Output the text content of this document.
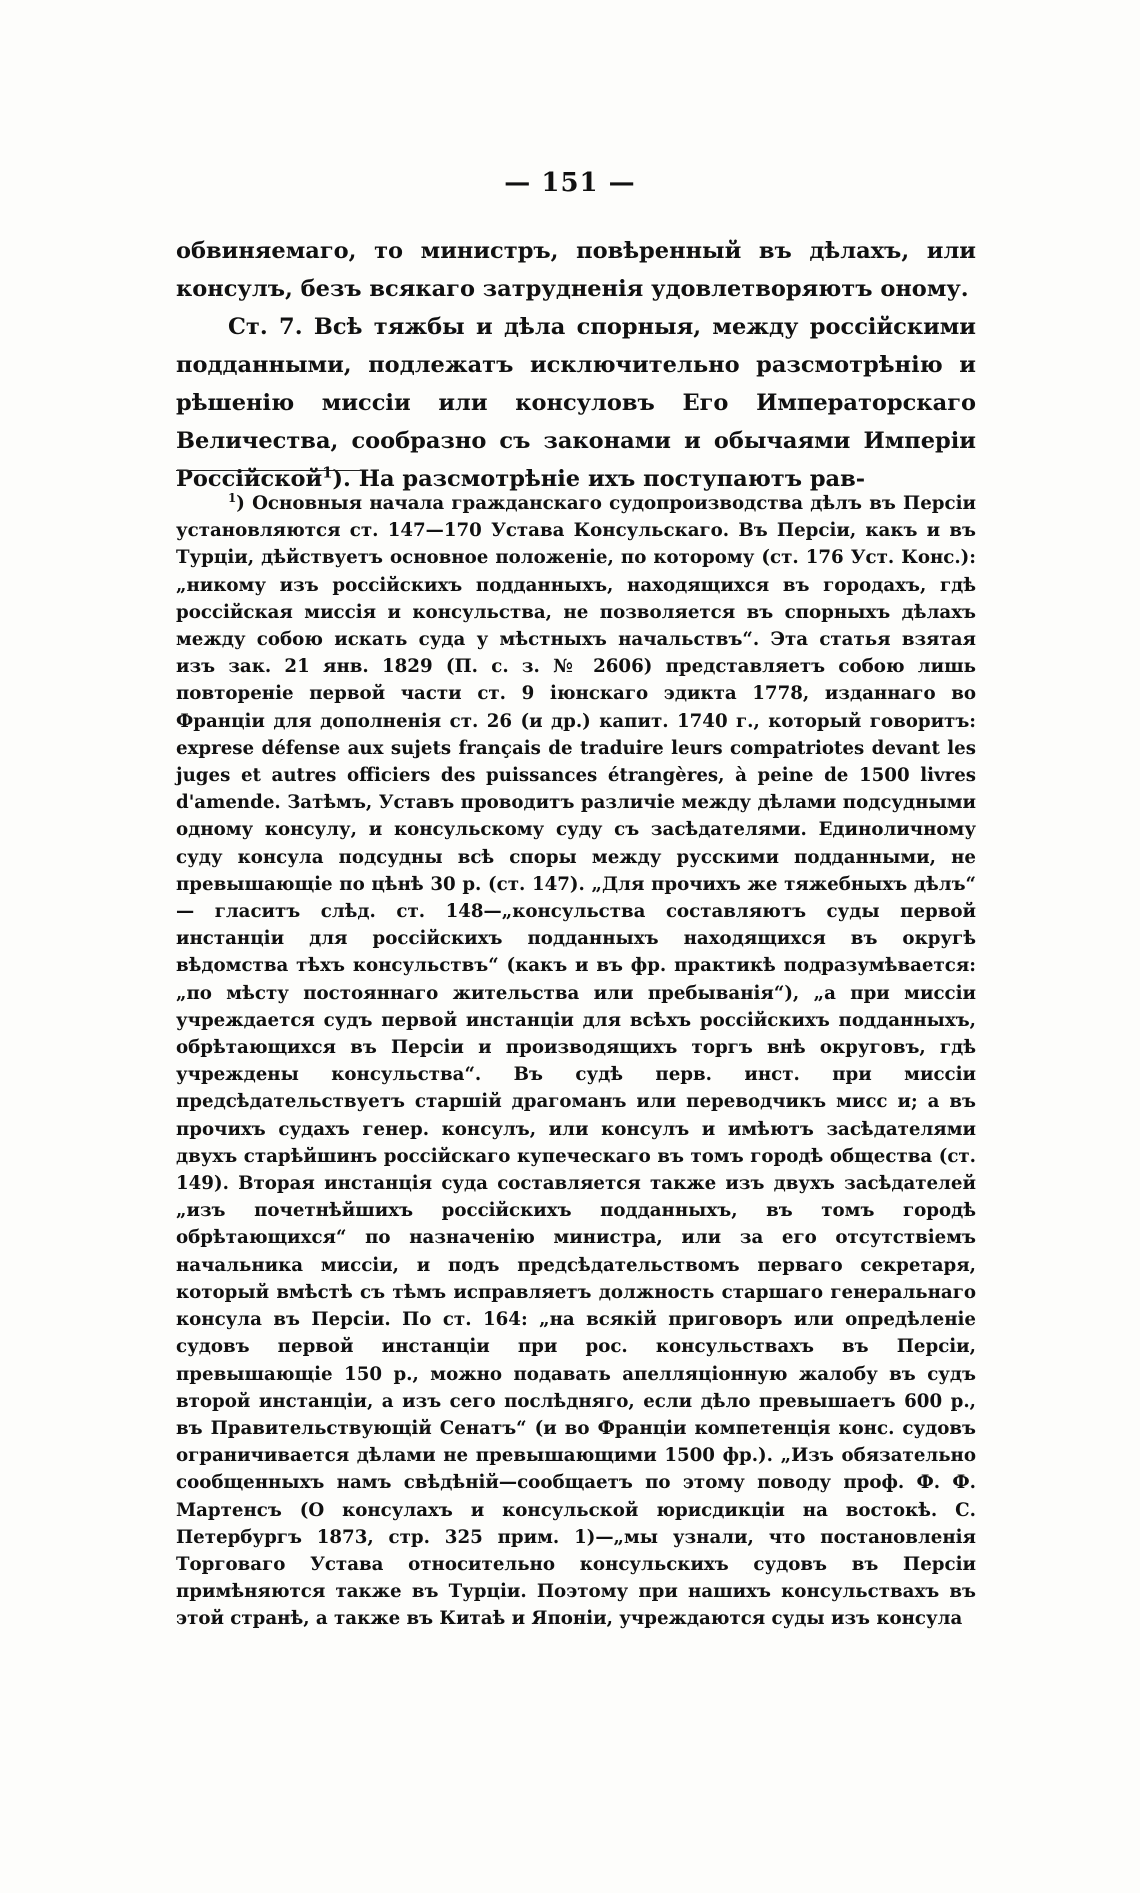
— 151 —

обвиняемаго, то министръ, повѣренный въ дѣлахъ, или консулъ, безъ всякаго затрудненія удовлетворяютъ оному.

Ст. 7. Всѣ тяжбы и дѣла спорныя, между россійскими подданными, подлежатъ исключительно разсмотрѣнію и рѣшенію миссіи или консуловъ Его Императорскаго Величества, сообразно съ законами и обычаями Имперіи Россійской$^1$). На разсмотрѣніе ихъ поступаютъ рав-

$^1$) Основныя начала гражданскаго судопроизводства дѣлъ въ Персіи установляются ст. 147—170 Устава Консульскаго. Въ Персіи, какъ и въ Турціи, дѣйствуетъ основное положеніе, по которому (ст. 176 Уст. Конс.): „никому изъ россійскихъ подданныхъ, находящихся въ городахъ, гдѣ россійская миссія и консульства, не позволяется въ спорныхъ дѣлахъ между собою искать суда у мѣстныхъ начальствъ“. Эта статья взятая изъ зак. 21 янв. 1829 (П. с. з. № 2606) представляетъ собою лишь повтореніе первой части ст. 9 іюнскаго эдикта 1778, изданнаго во Франціи для дополненія ст. 26 (и др.) капит. 1740 г., который говоритъ: exprese défense aux sujets français de traduire leurs compatriotes devant les juges et autres officiers des puissances étrangères, à peine de 1500 livres d'amende. Затѣмъ, Уставъ проводитъ различіе между дѣлами подсудными одному консулу, и консульскому суду съ засѣдателями. Единоличному суду консула подсудны всѣ споры между русскими подданными, не превышающіе по цѣнѣ 30 р. (ст. 147). „Для прочихъ же тяжебныхъ дѣлъ“ — гласитъ слѣд. ст. 148—„консульства составляютъ суды первой инстанціи для россійскихъ подданныхъ находящихся въ округѣ вѣдомства тѣхъ консульствъ“ (какъ и въ фр. практикѣ подразумѣвается: „по мѣсту постояннаго жительства или пребыванія“), „а при миссіи учреждается судъ первой инстанціи для всѣхъ россійскихъ подданныхъ, обрѣтающихся въ Персіи и производящихъ торгъ внѣ округовъ, гдѣ учреждены консульства“. Въ судѣ перв. инст. при миссіи предсѣдательствуетъ старшій драгоманъ или переводчикъ мисс и; а въ прочихъ судахъ генер. консулъ, или консулъ и имѣютъ засѣдателями двухъ старѣйшинъ россійскаго купеческаго въ томъ городѣ общества (ст. 149). Вторая инстанція суда составляется также изъ двухъ засѣдателей „изъ почетнѣйшихъ россійскихъ подданныхъ, въ томъ городѣ обрѣтающихся“ по назначенію министра, или за его отсутствіемъ начальника миссіи, и подъ предсѣдательствомъ перваго секретаря, который вмѣстѣ съ тѣмъ исправляетъ должность старшаго генеральнаго консула въ Персіи. По ст. 164: „на всякій приговоръ или опредѣленіе судовъ первой инстанціи при рос. консульствахъ въ Персіи, превышающіе 150 р., можно подавать апелляціонную жалобу въ судъ второй инстанціи, а изъ сего послѣдняго, если дѣло превышаетъ 600 р., въ Правительствующій Сенатъ“ (и во Франціи компетенція конс. судовъ ограничивается дѣлами не превышающими 1500 фр.). „Изъ обязательно сообщенныхъ намъ свѣдѣній—сообщаетъ по этому поводу проф. Ф. Ф. Мартенсъ (О консулахъ и консульской юрисдикціи на востокѣ. С. Петербургъ 1873, стр. 325 прим. 1)—„мы узнали, что постановленія Торговаго Устава относительно консульскихъ судовъ въ Персіи примѣняются также въ Турціи. Поэтому при нашихъ консульствахъ въ этой странѣ, а также въ Китаѣ и Японіи, учреждаются суды изъ консула
